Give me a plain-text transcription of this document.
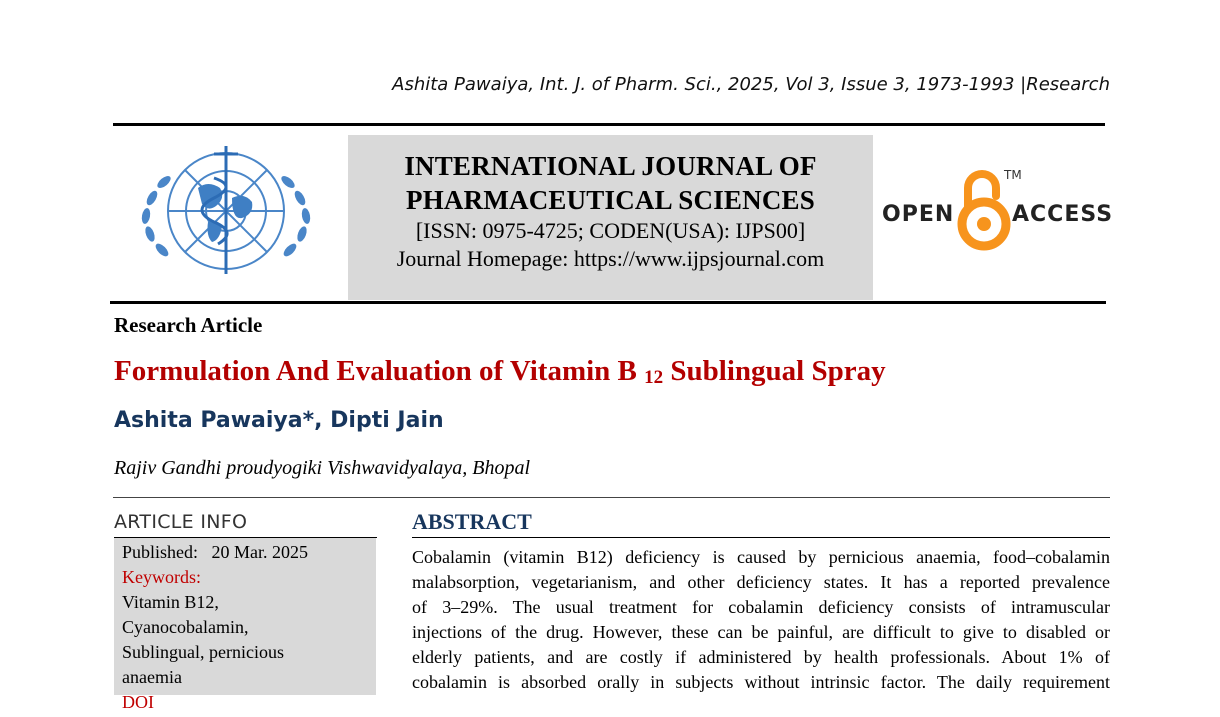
Ashita Pawaiya, Int. J. of Pharm. Sci., 2025, Vol 3, Issue 3, 1973-1993 |Research
INTERNATIONAL JOURNAL OF
PHARMACEUTICAL SCIENCES
[ISSN: 0975-4725; CODEN(USA): IJPS00]
Journal Homepage: https://www.ijpsjournal.com
OPEN	ACCESS
TM
Research Article
Formulation And Evaluation of Vitamin B $_{12}$ Sublingual Spray
Ashita Pawaiya*, Dipti Jain
Rajiv Gandhi proudyogiki Vishwavidyalaya, Bhopal
ARTICLE INFO
Published:   20 Mar. 2025
Keywords:
Vitamin B12,
Cyanocobalamin,
Sublingual, pernicious
anaemia
DOI
ABSTRACT
Cobalamin (vitamin B12) deficiency is caused by pernicious anaemia, food–cobalamin
malabsorption, vegetarianism, and other deficiency states. It has a reported prevalence
of 3–29%. The usual treatment for cobalamin deficiency consists of intramuscular
injections of the drug. However, these can be painful, are difficult to give to disabled or
elderly patients, and are costly if administered by health professionals. About 1% of
cobalamin is absorbed orally in subjects without intrinsic factor. The daily requirement
